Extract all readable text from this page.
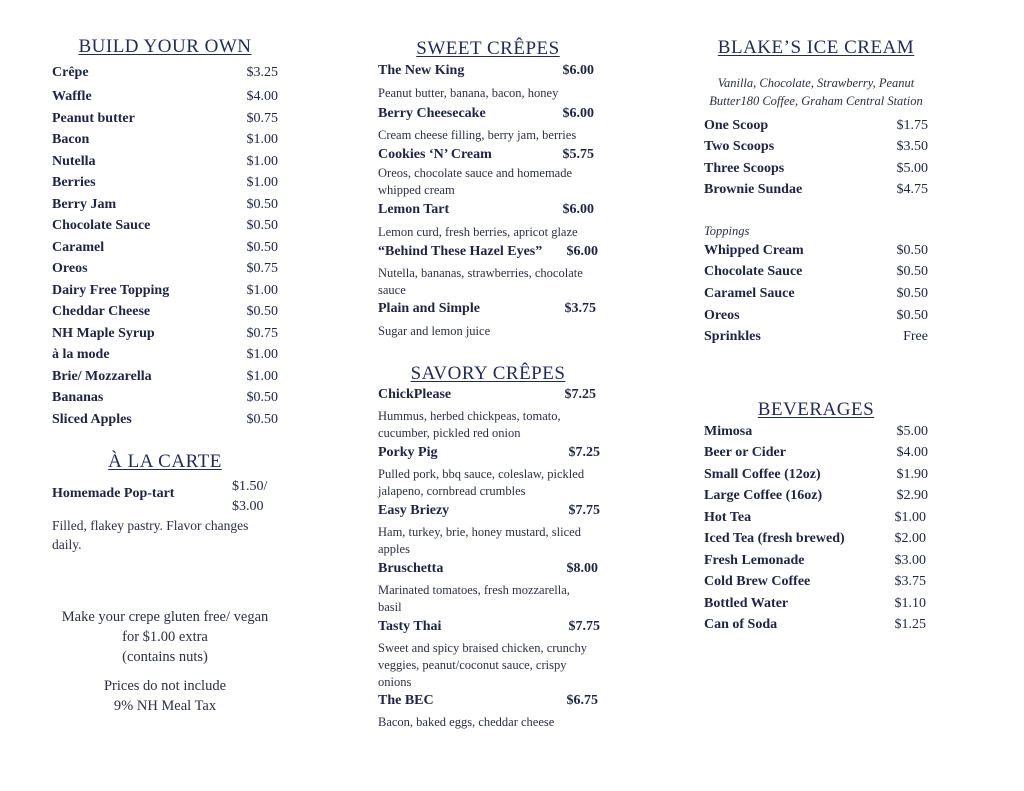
BUILD YOUR OWN
Crêpe	$3.25
Waffle	$4.00
Peanut butter	$0.75
Bacon	$1.00
Nutella	$1.00
Berries	$1.00
Berry Jam	$0.50
Chocolate Sauce	$0.50
Caramel	$0.50
Oreos	$0.75
Dairy Free Topping	$1.00
Cheddar Cheese	$0.50
NH Maple Syrup	$0.75
à la mode	$1.00
Brie/ Mozzarella	$1.00
Bananas	$0.50
Sliced Apples	$0.50
À LA CARTE
Homemade Pop-tart	$1.50/
$3.00
Filled, flakey pastry. Flavor changes daily.
Make your crepe gluten free/ vegan
for $1.00 extra
(contains nuts)
Prices do not include
9% NH Meal Tax
SWEET CRÊPES
The New King	$6.00
Peanut butter, banana, bacon, honey
Berry Cheesecake	$6.00
Cream cheese filling, berry jam, berries
Cookies ‘N’ Cream	$5.75
Oreos, chocolate sauce and homemade whipped cream
Lemon Tart	$6.00
Lemon curd, fresh berries, apricot glaze
“Behind These Hazel Eyes” $6.00
Nutella, bananas, strawberries, chocolate sauce
Plain and Simple	$3.75
Sugar and lemon juice
SAVORY CRÊPES
ChickPlease	$7.25
Hummus, herbed chickpeas, tomato, cucumber, pickled red onion
Porky Pig	$7.25
Pulled pork, bbq sauce, coleslaw, pickled jalapeno, cornbread crumbles
Easy Briezy	$7.75
Ham, turkey, brie, honey mustard, sliced apples
Bruschetta	$8.00
Marinated tomatoes, fresh mozzarella, basil
Tasty Thai	$7.75
Sweet and spicy braised chicken, crunchy veggies, peanut/coconut sauce, crispy onions
The BEC	$6.75
Bacon, baked eggs, cheddar cheese
BLAKE’S ICE CREAM
Vanilla, Chocolate, Strawberry, Peanut
Butter180 Coffee, Graham Central Station
One Scoop	$1.75
Two Scoops	$3.50
Three Scoops	$5.00
Brownie Sundae	$4.75
Toppings
Whipped Cream	$0.50
Chocolate Sauce	$0.50
Caramel Sauce	$0.50
Oreos	$0.50
Sprinkles	Free
BEVERAGES
Mimosa	$5.00
Beer or Cider	$4.00
Small Coffee (12oz)	$1.90
Large Coffee (16oz)	$2.90
Hot Tea	$1.00
Iced Tea (fresh brewed)	$2.00
Fresh Lemonade	$3.00
Cold Brew Coffee	$3.75
Bottled Water	$1.10
Can of Soda	$1.25
